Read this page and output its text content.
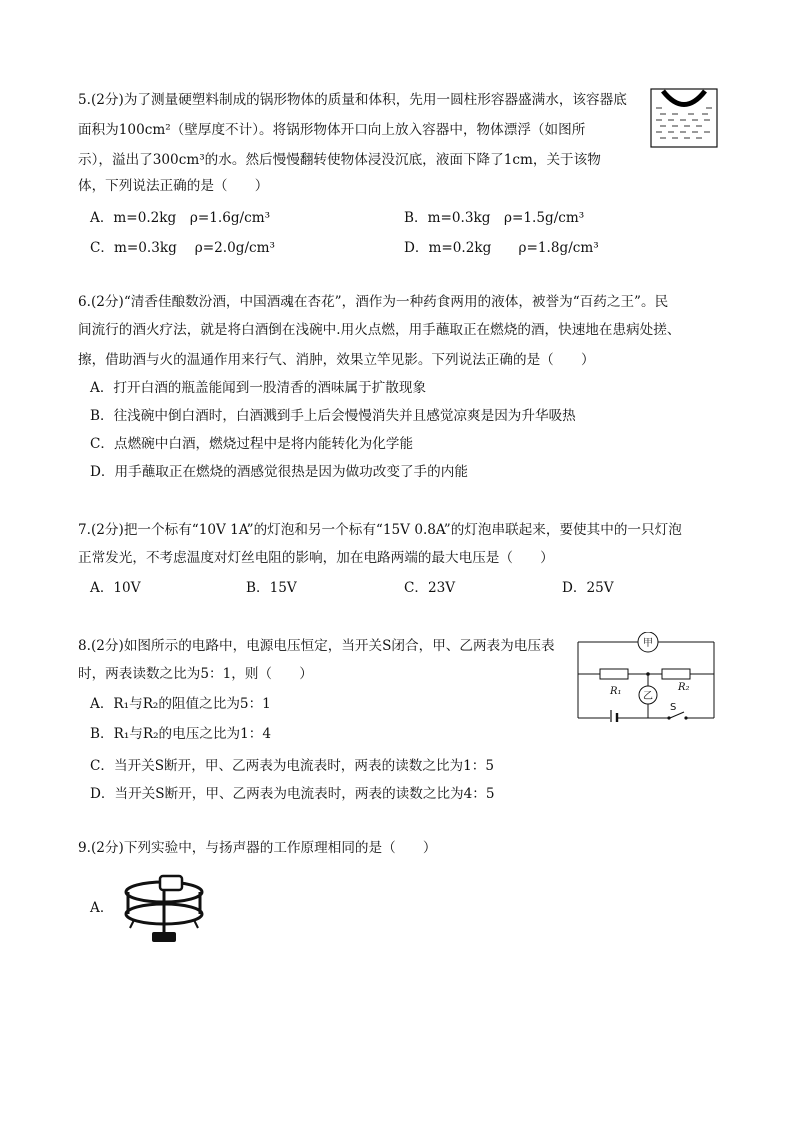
5.(2分)为了测量硬塑料制成的锅形物体的质量和体积，先用一圆柱形容器盛满水，该容器底
面积为100cm²（壁厚度不计）。将锅形物体开口向上放入容器中，物体漂浮（如图所
示），溢出了300cm³的水。然后慢慢翻转使物体浸没沉底，液面下降了1cm，关于该物
体，下列说法正确的是（　　）
A．m=0.2kg　ρ=1.6g/cm³	B．m=0.3kg　ρ=1.5g/cm³
C．m=0.3kg　 ρ=2.0g/cm³	D．m=0.2kg　　ρ=1.8g/cm³
6.(2分)“清香佳酿数汾酒，中国酒魂在杏花”，酒作为一种药食两用的液体，被誉为“百药之王”。民
间流行的酒火疗法，就是将白酒倒在浅碗中.用火点燃，用手蘸取正在燃烧的酒，快速地在患病处搓、
擦，借助酒与火的温通作用来行气、消肿，效果立竿见影。下列说法正确的是（　　）
A．打开白酒的瓶盖能闻到一股清香的酒味属于扩散现象
B．往浅碗中倒白酒时，白酒溅到手上后会慢慢消失并且感觉凉爽是因为升华吸热
C．点燃碗中白酒，燃烧过程中是将内能转化为化学能
D．用手蘸取正在燃烧的酒感觉很热是因为做功改变了手的内能
7.(2分)把一个标有“10V 1A”的灯泡和另一个标有“15V 0.8A”的灯泡串联起来，要使其中的一只灯泡
正常发光，不考虑温度对灯丝电阻的影响，加在电路两端的最大电压是（　　）
A．10V	B．15V	C．23V	D．25V
8.(2分)如图所示的电路中，电源电压恒定，当开关S闭合，甲、乙两表为电压表
时，两表读数之比为5：1，则（　　）
A．R₁与R₂的阻值之比为5：1
B．R₁与R₂的电压之比为1：4
C．当开关S断开，甲、乙两表为电流表时，两表的读数之比为1：5
D．当开关S断开，甲、乙两表为电流表时，两表的读数之比为4：5
甲
乙
R₁	R₂
S
9.(2分)下列实验中，与扬声器的工作原理相同的是（　　）
A．
